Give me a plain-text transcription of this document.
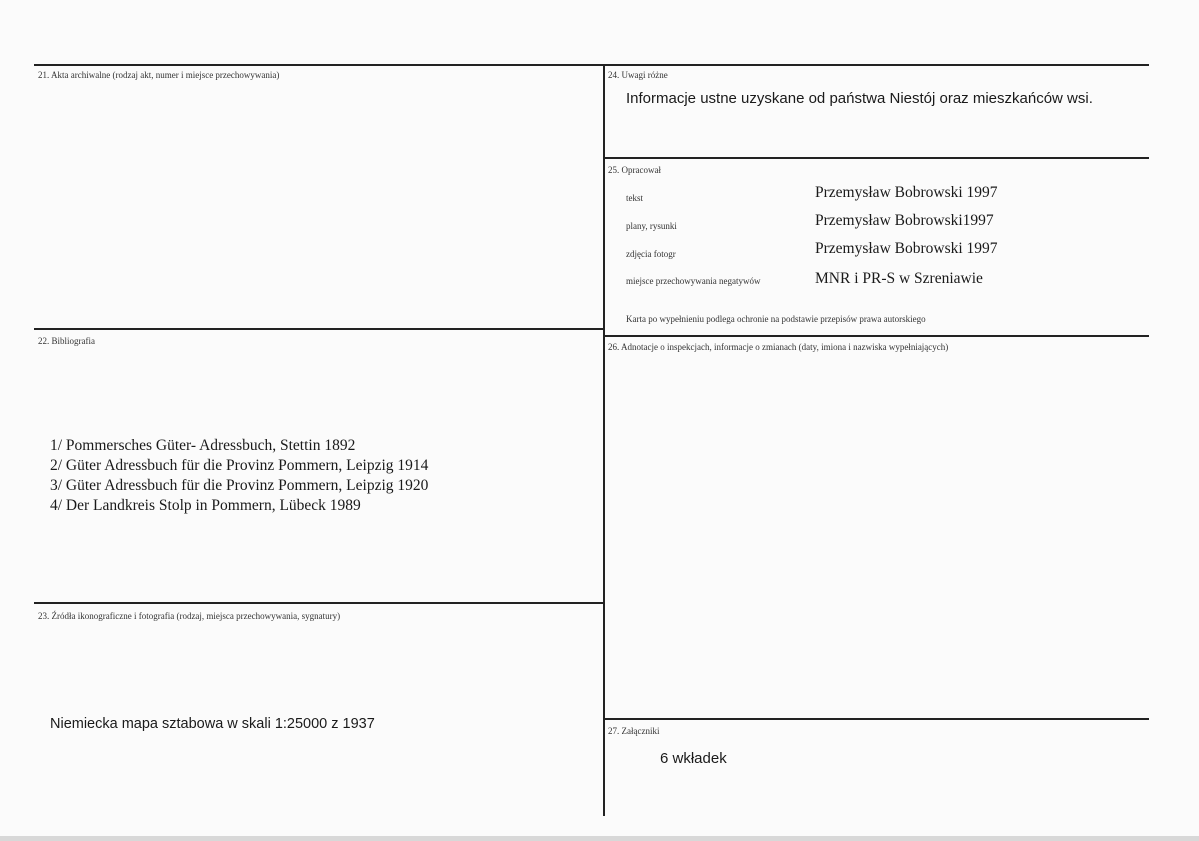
21. Akta archiwalne (rodzaj akt, numer i miejsce przechowywania)
22. Bibliografia
1/ Pommersches Güter- Adressbuch, Stettin 1892
2/ Güter Adressbuch für die Provinz Pommern, Leipzig 1914
3/ Güter Adressbuch für die Provinz Pommern, Leipzig 1920
4/ Der Landkreis Stolp in Pommern, Lübeck 1989
23. Źródła ikonograficzne i fotografia (rodzaj, miejsca przechowywania, sygnatury)
Niemiecka mapa sztabowa w skali 1:25000 z 1937
24. Uwagi różne
Informacje ustne uzyskane od państwa Niestój oraz mieszkańców wsi.
25. Opracował
tekst	Przemysław Bobrowski 1997
plany, rysunki	Przemysław Bobrowski1997
zdjęcia fotogr	Przemysław Bobrowski 1997
miejsce przechowywania negatywów	MNR i PR-S w Szreniawie
Karta po wypełnieniu podlega ochronie na podstawie przepisów prawa autorskiego
26. Adnotacje o inspekcjach, informacje o zmianach (daty, imiona i nazwiska wypełniających)
27. Załączniki
6 wkładek
